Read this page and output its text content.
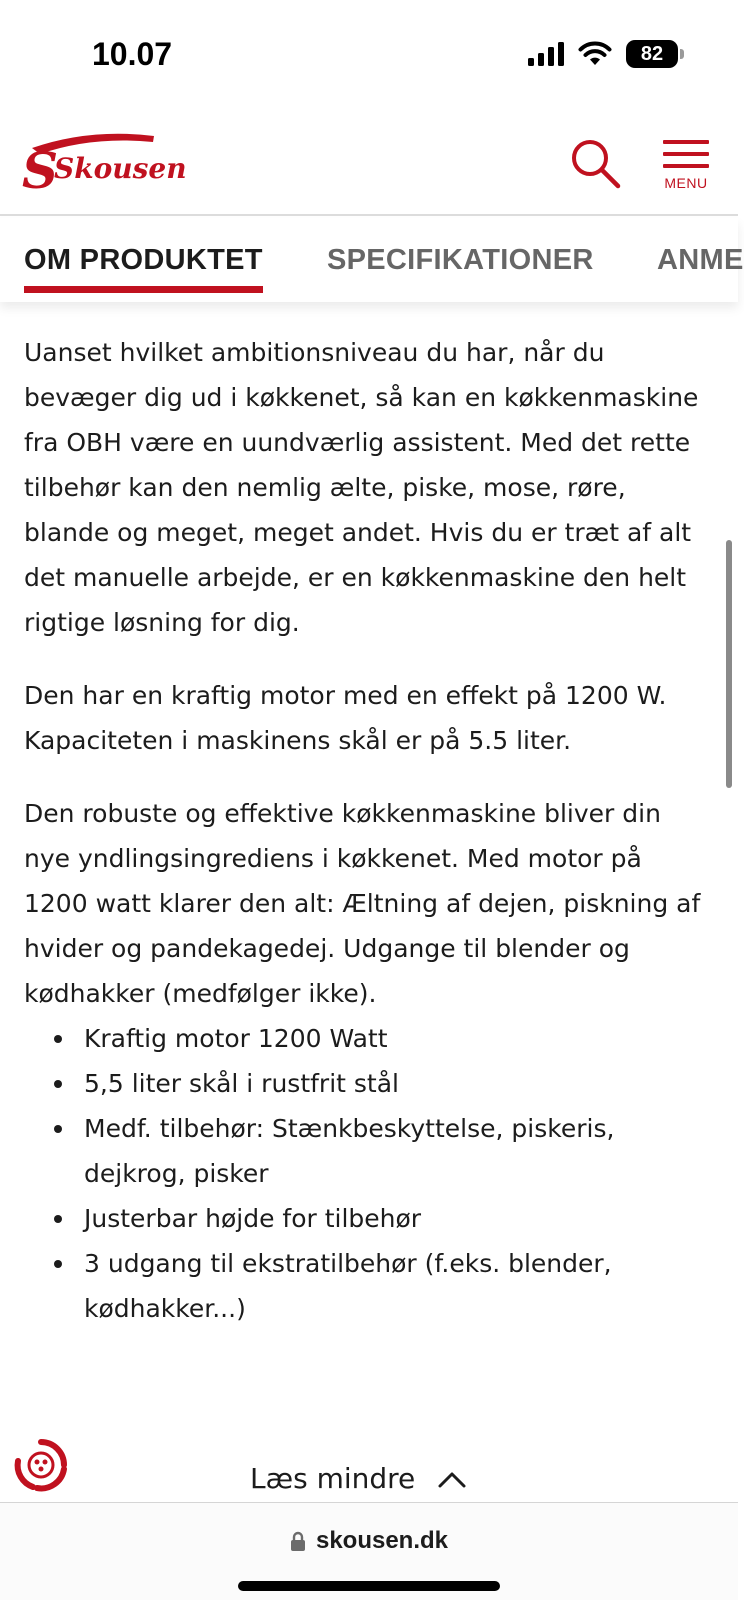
10.07	82
S
Skousen	MENU
OM PRODUKTET SPECIFIKATIONER ANME

Uanset hvilket ambitionsniveau du har, når du bevæger dig ud i køkkenet, så kan en køkkenmaskine fra OBH være en uundværlig assistent. Med det rette tilbehør kan den nemlig ælte, piske, mose, røre, blande og meget, meget andet. Hvis du er træt af alt det manuelle arbejde, er en køkkenmaskine den helt rigtige løsning for dig.

Den har en kraftig motor med en effekt på 1200 W. Kapaciteten i maskinens skål er på 5.5 liter.

Den robuste og effektive køkkenmaskine bliver din nye yndlingsingrediens i køkkenet. Med motor på 1200 watt klarer den alt: Æltning af dejen, piskning af hvider og pandekagedej. Udgange til blender og kødhakker (medfølger ikke).

Kraftig motor 1200 Watt
5,5 liter skål i rustfrit stål
Medf. tilbehør: Stænkbeskyttelse, piskeris, dejkrog, pisker
Justerbar højde for tilbehør
3 udgang til ekstratilbehør (f.eks. blender, kødhakker...)
Læs mindre
skousen.dk
